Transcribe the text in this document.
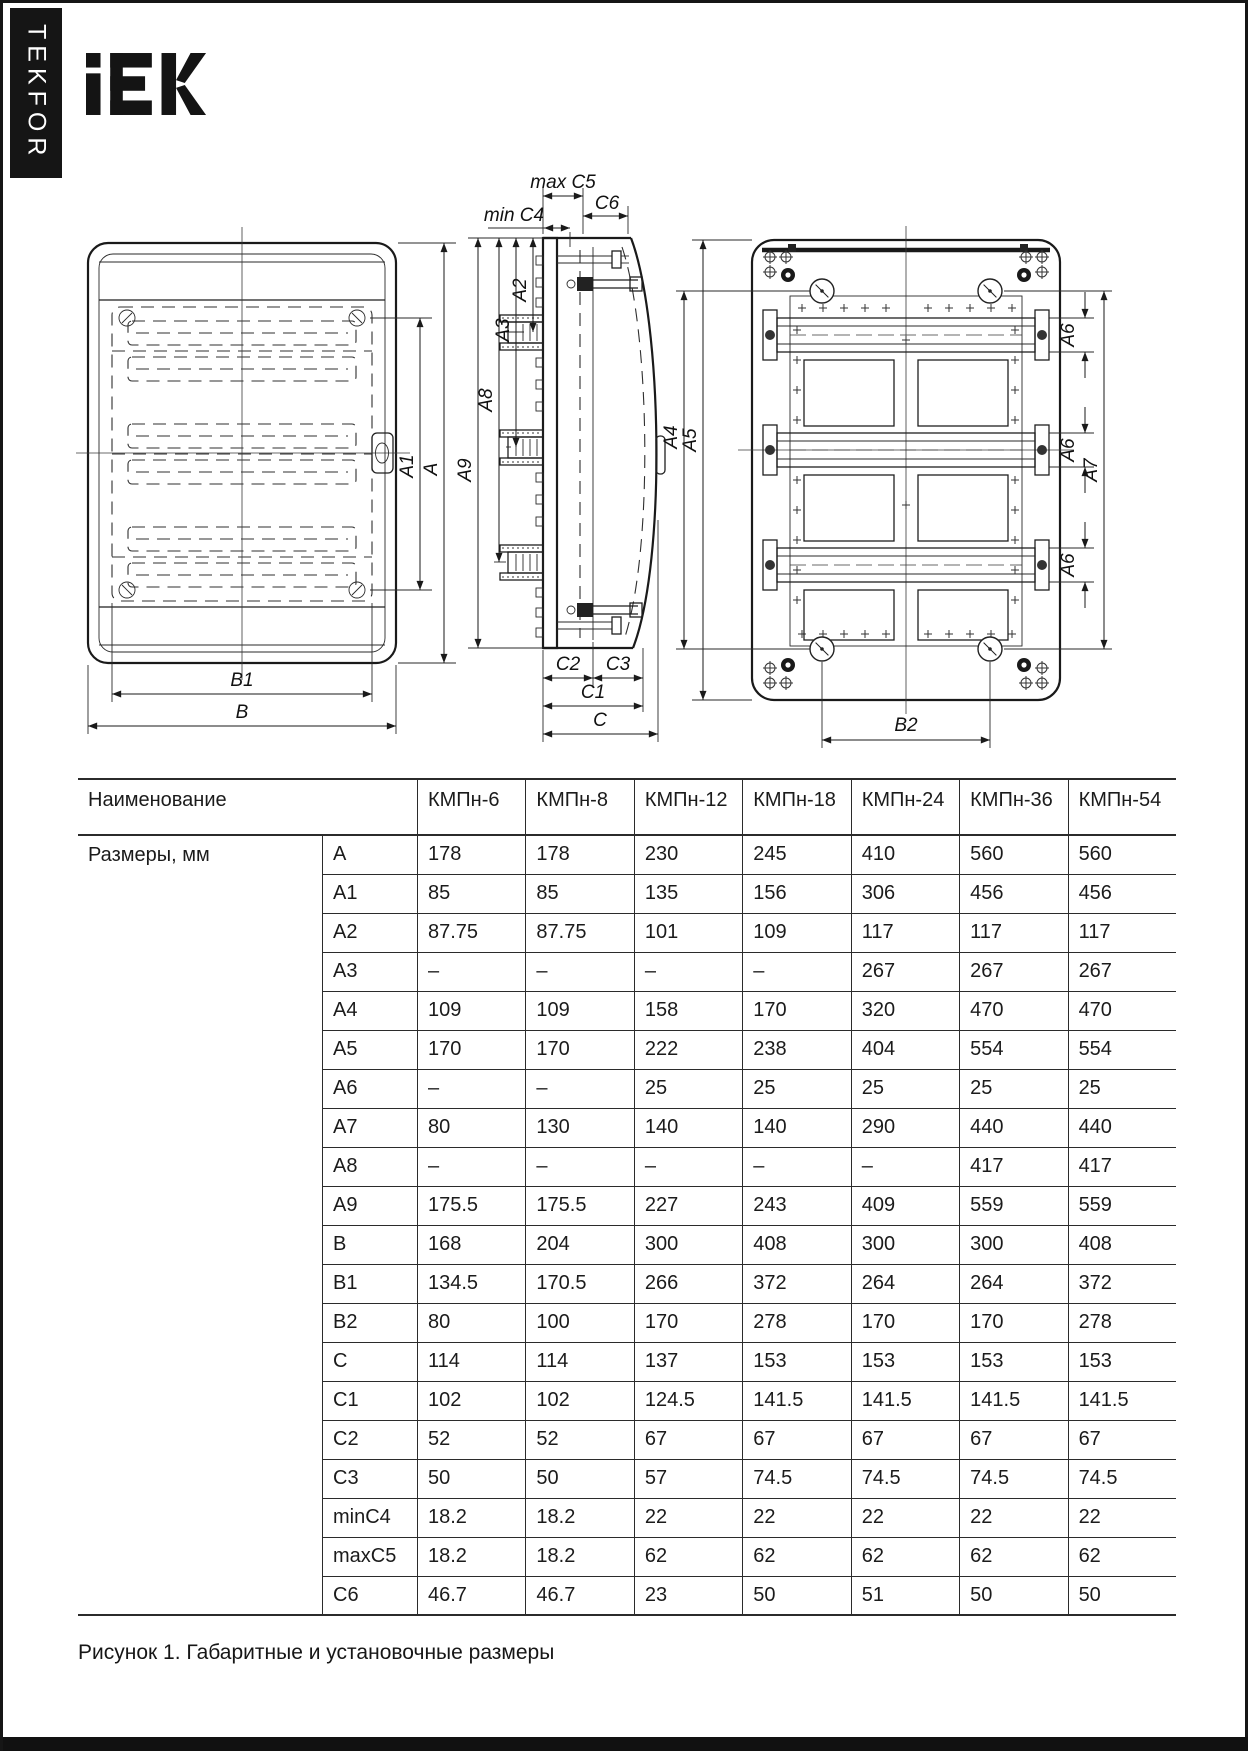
TEKFOR
A1 A
B1
B
max C5
C6
min C4
A2
A3
A8
A9
C2 C3
C1
C
A5
A4
A6
A6
A6
A7
B2
Наименование	КМПн-6	КМПн-8	КМПн-12	КМПн-18	КМПн-24	КМПн-36	КМПн-54
Размеры, мм	A	178	178	230	245	410	560	560
A1	85	85	135	156	306	456	456
A2	87.75	87.75	101	109	117	117	117
A3	–	–	–	–	267	267	267
A4	109	109	158	170	320	470	470
A5	170	170	222	238	404	554	554
A6	–	–	25	25	25	25	25
A7	80	130	140	140	290	440	440
A8	–	–	–	–	–	417	417
A9	175.5	175.5	227	243	409	559	559
B	168	204	300	408	300	300	408
B1	134.5	170.5	266	372	264	264	372
B2	80	100	170	278	170	170	278
C	114	114	137	153	153	153	153
C1	102	102	124.5	141.5	141.5	141.5	141.5
C2	52	52	67	67	67	67	67
C3	50	50	57	74.5	74.5	74.5	74.5
minC4	18.2	18.2	22	22	22	22	22
maxC5	18.2	18.2	62	62	62	62	62
C6	46.7	46.7	23	50	51	50	50
Рисунок 1. Габаритные и установочные размеры
